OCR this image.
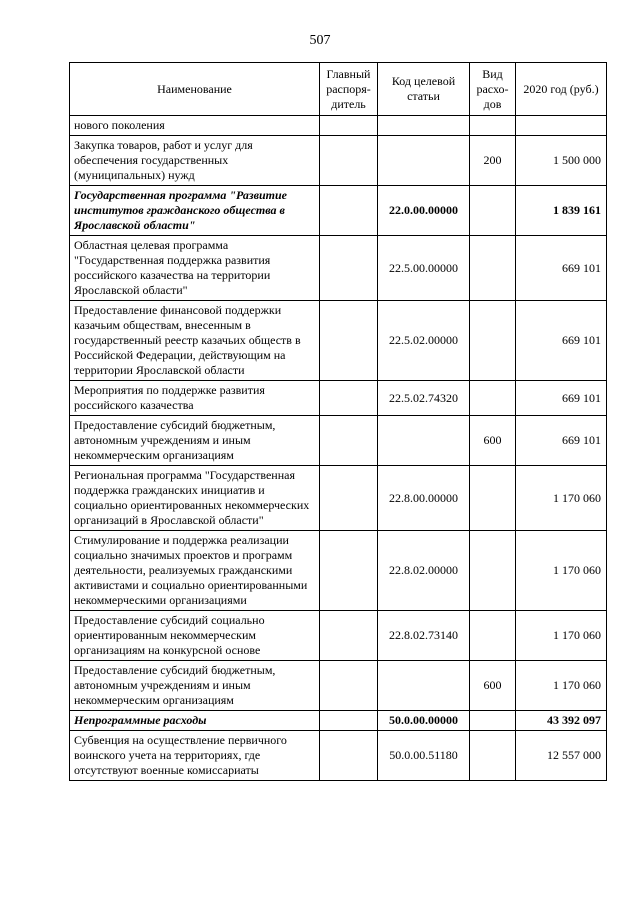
507
Наименование	Главный распоря-дитель	Код целевой статьи	Вид расхо-дов	2020 год (руб.)
нового поколения				
Закупка товаров, работ и услуг для обеспечения государственных (муниципальных) нужд			200	1 500 000
Государственная программа "Развитие институтов гражданского общества в Ярославской области"		22.0.00.00000		1 839 161
Областная целевая программа "Государственная поддержка развития российского казачества на территории Ярославской области"		22.5.00.00000		669 101
Предоставление финансовой поддержки казачьим обществам, внесенным в государственный реестр казачьих обществ в Российской Федерации, действующим на территории Ярославской области		22.5.02.00000		669 101
Мероприятия по поддержке развития российского казачества		22.5.02.74320		669 101
Предоставление субсидий бюджетным, автономным учреждениям и иным некоммерческим организациям			600	669 101
Региональная программа "Государственная поддержка гражданских инициатив и социально ориентированных некоммерческих организаций в Ярославской области"		22.8.00.00000		1 170 060
Стимулирование и поддержка реализации социально значимых проектов и программ деятельности, реализуемых гражданскими активистами и социально ориентированными некоммерческими организациями		22.8.02.00000		1 170 060
Предоставление субсидий социально ориентированным некоммерческим организациям на конкурсной основе		22.8.02.73140		1 170 060
Предоставление субсидий бюджетным, автономным учреждениям и иным некоммерческим организациям			600	1 170 060
Непрограммные расходы		50.0.00.00000		43 392 097
Субвенция на осуществление первичного воинского учета на территориях, где отсутствуют военные комиссариаты		50.0.00.51180		12 557 000
